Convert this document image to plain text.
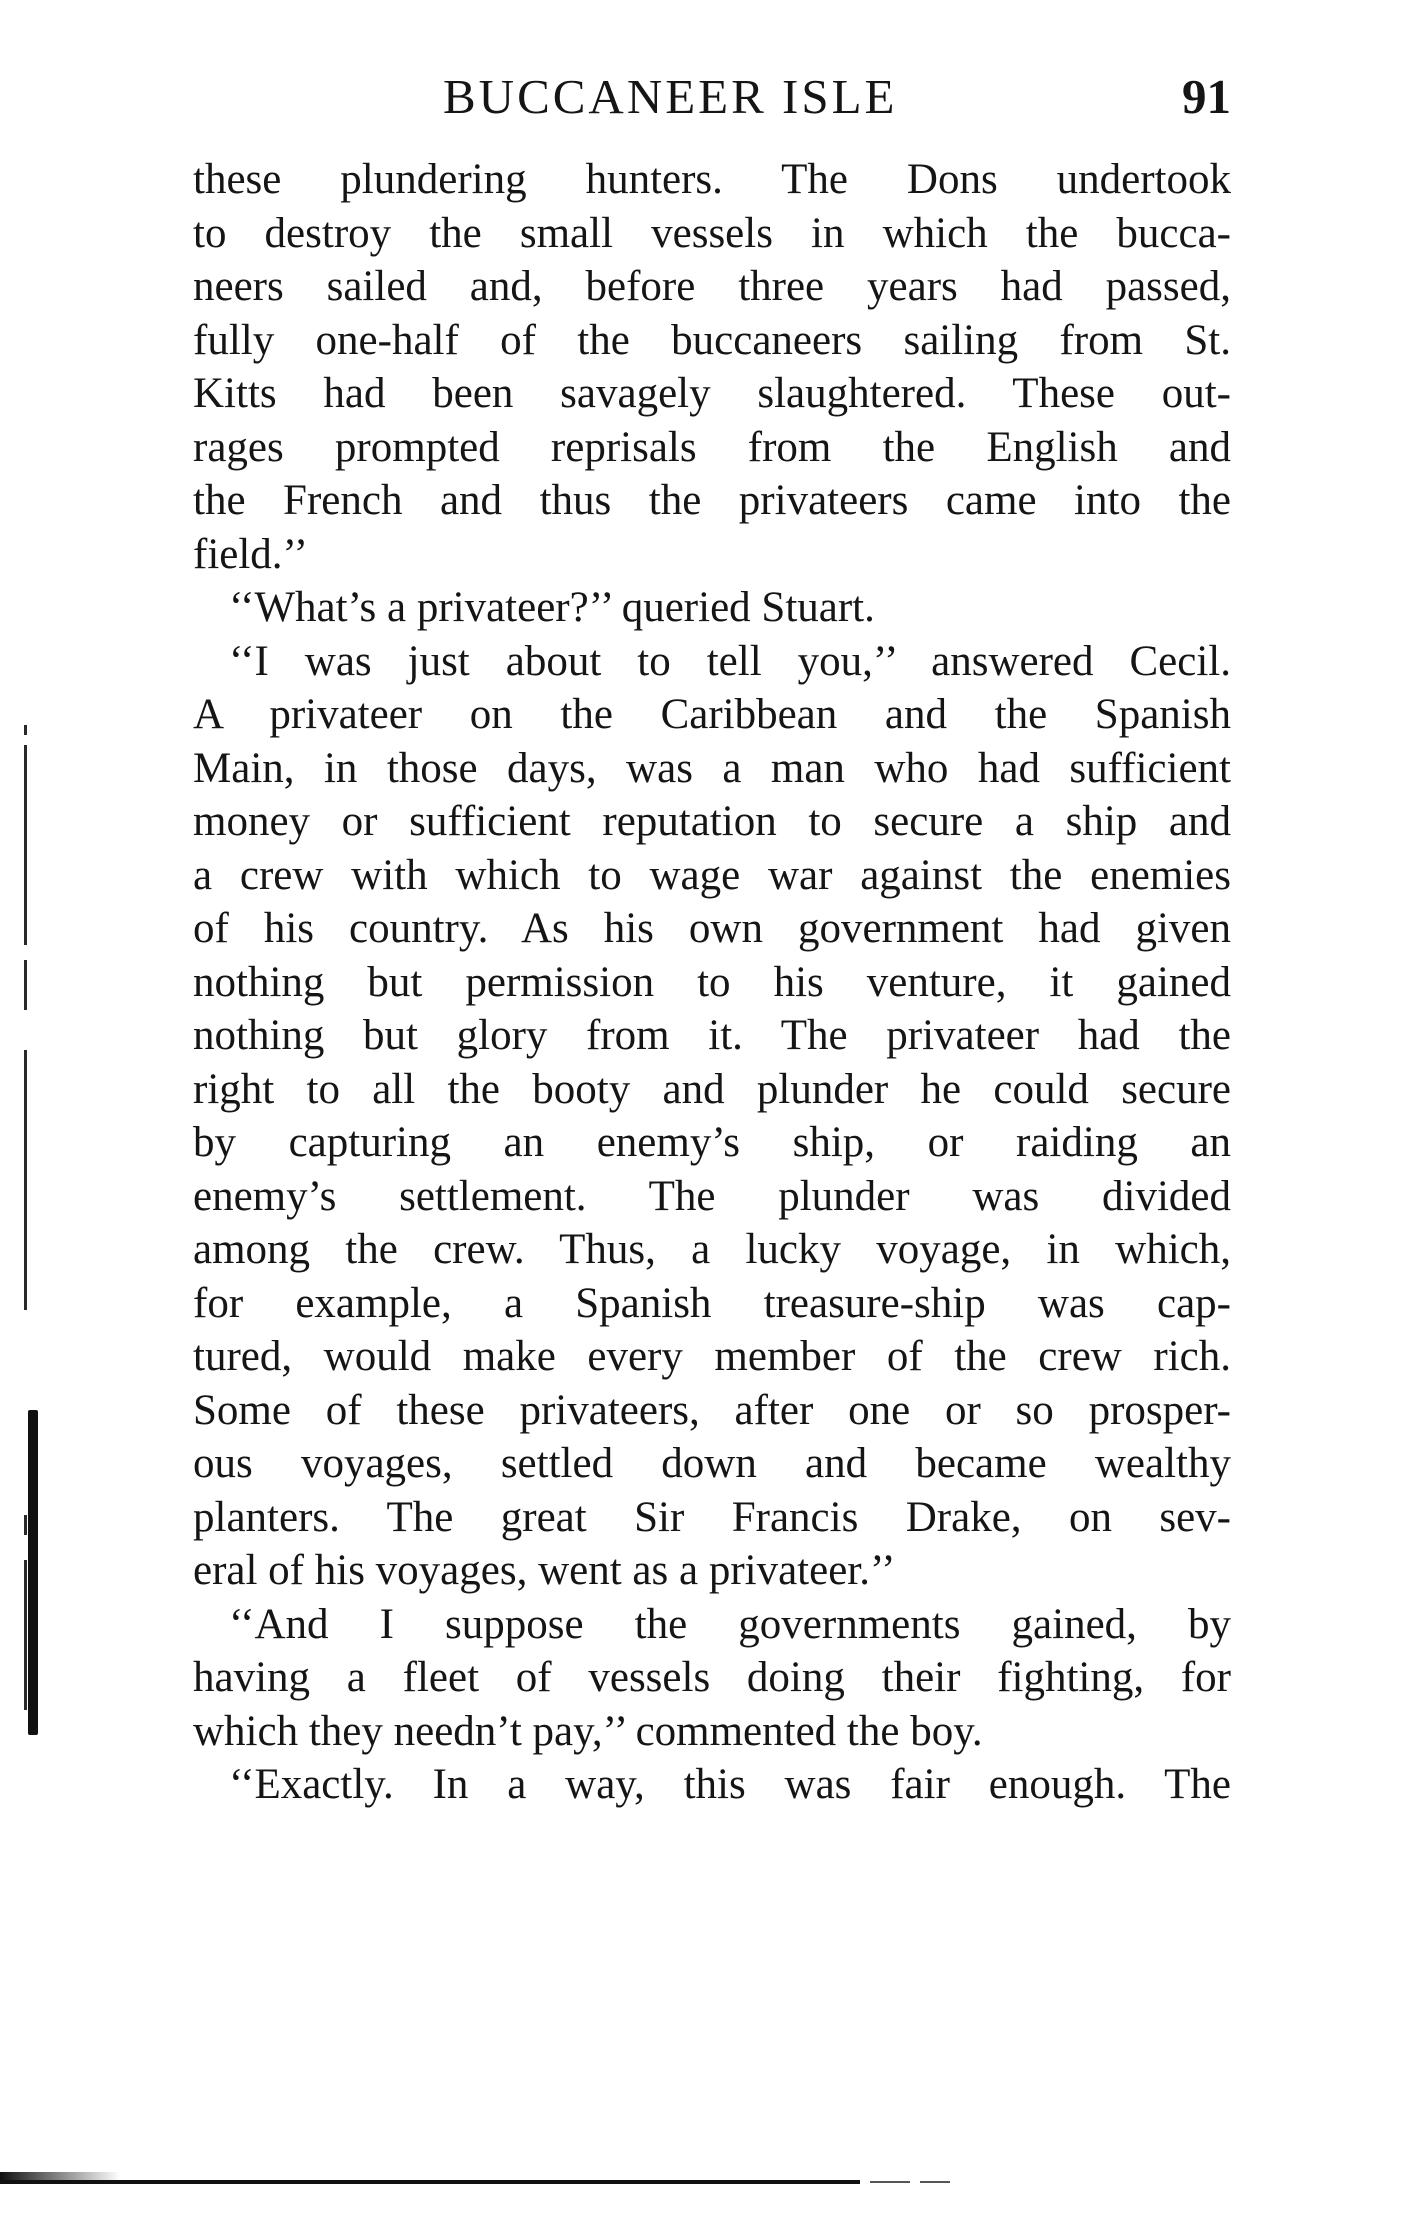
BUCCANEER ISLE	91
these plundering hunters. The Dons undertook
to destroy the small vessels in which the bucca-
neers sailed and, before three years had passed,
fully one-half of the buccaneers sailing from St.
Kitts had been savagely slaughtered. These out-
rages prompted reprisals from the English and
the French and thus the privateers came into the
field.’’
‘‘What’s a privateer?’’ queried Stuart.
‘‘I was just about to tell you,’’ answered Cecil.
A privateer on the Caribbean and the Spanish
Main, in those days, was a man who had sufficient
money or sufficient reputation to secure a ship and
a crew with which to wage war against the enemies
of his country. As his own government had given
nothing but permission to his venture, it gained
nothing but glory from it. The privateer had the
right to all the booty and plunder he could secure
by capturing an enemy’s ship, or raiding an
enemy’s settlement. The plunder was divided
among the crew. Thus, a lucky voyage, in which,
for example, a Spanish treasure-ship was cap-
tured, would make every member of the crew rich.
Some of these privateers, after one or so prosper-
ous voyages, settled down and became wealthy
planters. The great Sir Francis Drake, on sev-
eral of his voyages, went as a privateer.’’
‘‘And I suppose the governments gained, by
having a fleet of vessels doing their fighting, for
which they needn’t pay,’’ commented the boy.
‘‘Exactly. In a way, this was fair enough. The
